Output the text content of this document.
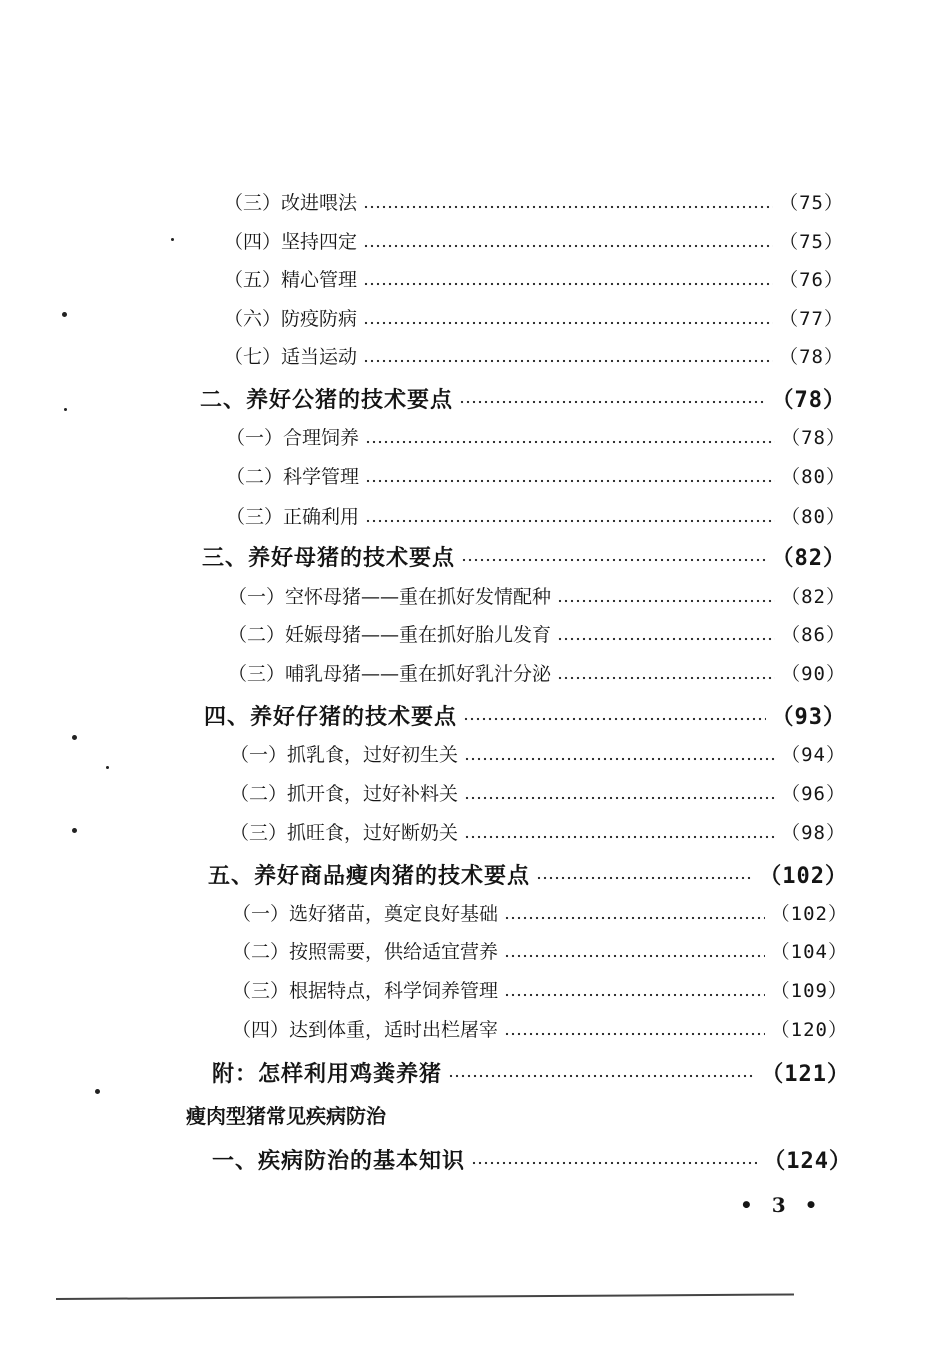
（三）改进喂法	（75）
（四）坚持四定	（75）
（五）精心管理	（76）
（六）防疫防病	（77）
（七）适当运动	（78）
二、养好公猪的技术要点	（78）
（一）合理饲养	（78）
（二）科学管理	（80）
（三）正确利用	（80）
三、养好母猪的技术要点	（82）
（一）空怀母猪——重在抓好发情配种	（82）
（二）妊娠母猪——重在抓好胎儿发育	（86）
（三）哺乳母猪——重在抓好乳汁分泌	（90）
四、养好仔猪的技术要点	（93）
（一）抓乳食，过好初生关	（94）
（二）抓开食，过好补料关	（96）
（三）抓旺食，过好断奶关	（98）
五、养好商品瘦肉猪的技术要点	（102）
（一）选好猪苗，奠定良好基础	（102）
（二）按照需要，供给适宜营养	（104）
（三）根据特点，科学饲养管理	（109）
（四）达到体重，适时出栏屠宰	（120）
附：怎样利用鸡粪养猪	（121）
瘦肉型猪常见疾病防治
一、疾病防治的基本知识	（124）
• 3 •
